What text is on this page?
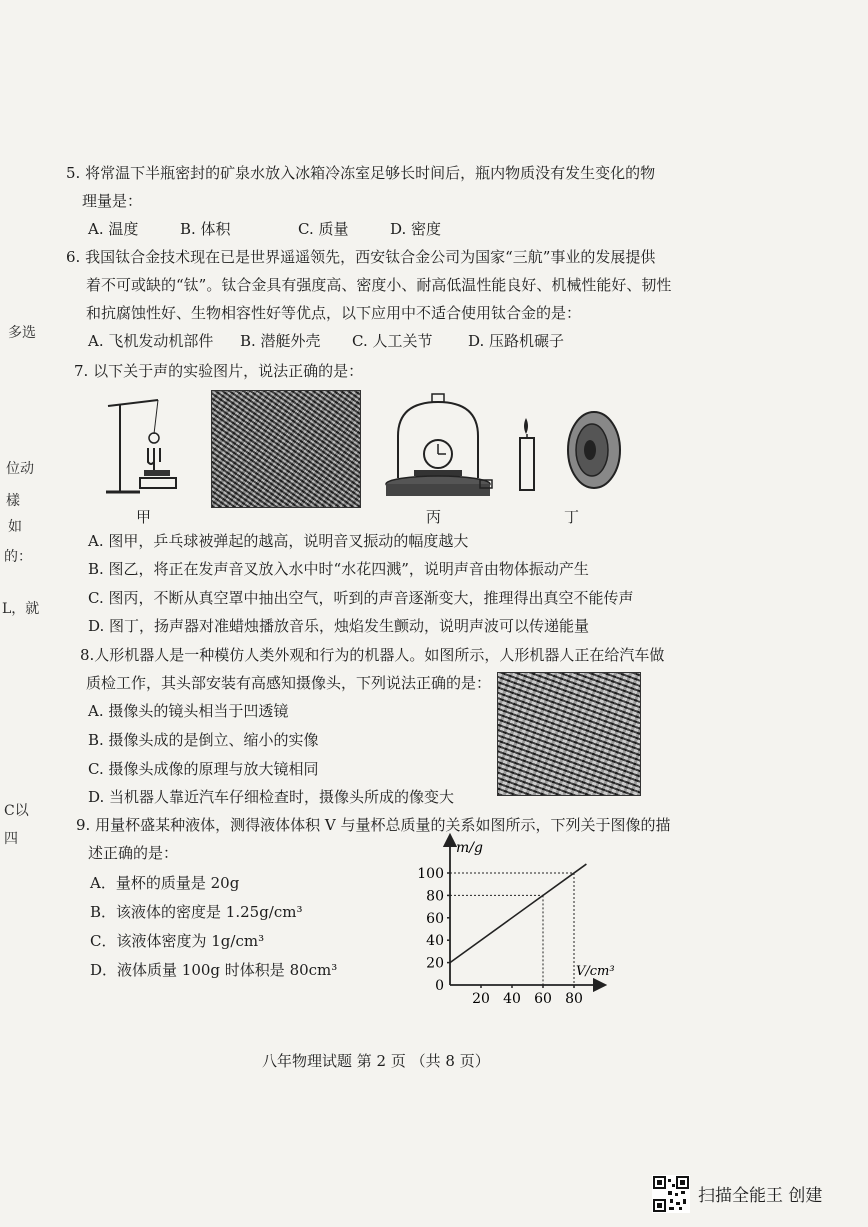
多选
位动
樣
如
的：
L，就
C以
四
5. 将常温下半瓶密封的矿泉水放入冰箱冷冻室足够长时间后，瓶内物质没有发生变化的物
理量是：
A. 温度	B. 体积	C. 质量	D. 密度
6. 我国钛合金技术现在已是世界遥遥领先，西安钛合金公司为国家“三航”事业的发展提供
着不可或缺的“钛”。钛合金具有强度高、密度小、耐高低温性能良好、机械性能好、韧性
和抗腐蚀性好、生物相容性好等优点，以下应用中不适合使用钛合金的是：
A. 飞机发动机部件 B. 潜艇外壳 C. 人工关节 D. 压路机碾子
7. 以下关于声的实验图片，说法正确的是：
甲	丙	丁
A. 图甲，乒乓球被弹起的越高，说明音叉振动的幅度越大
B. 图乙，将正在发声音叉放入水中时“水花四溅”，说明声音由物体振动产生
C. 图丙，不断从真空罩中抽出空气，听到的声音逐渐变大，推理得出真空不能传声
D. 图丁，扬声器对准蜡烛播放音乐，烛焰发生颤动，说明声波可以传递能量
8.人形机器人是一种模仿人类外观和行为的机器人。如图所示，人形机器人正在给汽车做
质检工作，其头部安装有高感知摄像头，下列说法正确的是：
A. 摄像头的镜头相当于凹透镜
B. 摄像头成的是倒立、缩小的实像
C. 摄像头成像的原理与放大镜相同
D. 当机器人靠近汽车仔细检查时，摄像头所成的像变大
9. 用量杯盛某种液体，测得液体体积 V 与量杯总质量的关系如图所示，下列关于图像的描
述正确的是：
A．量杯的质量是 20g
B．该液体的密度是 1.25g/cm³
C．该液体密度为 1g/cm³
D．液体质量 100g 时体积是 80cm³
0
20
40
60
80
100
20 40 60 80
m/g
V/cm³
八年物理试题 第 2 页 （共 8 页）
扫描全能王 创建
